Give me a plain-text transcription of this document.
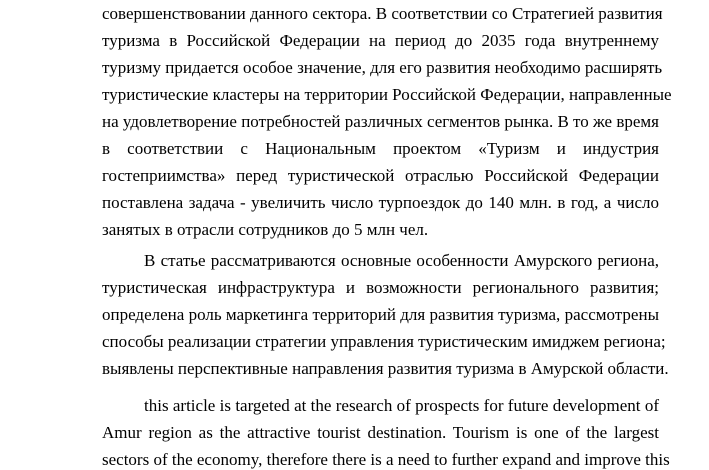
совершенствовании данного сектора. В соответствии со Стратегией развития
туризма в Российской Федерации на период до 2035 года внутреннему
туризму придается особое значение, для его развития необходимо расширять
туристические кластеры на территории Российской Федерации, направленные
на удовлетворение потребностей различных сегментов рынка. В то же время
в соответствии с Национальным проектом «Туризм и индустрия
гостеприимства» перед туристической отраслью Российской Федерации
поставлена задача - увеличить число турпоездок до 140 млн. в год, а число
занятых в отрасли сотрудников до 5 млн чел.
В статье рассматриваются основные особенности Амурского региона,
туристическая инфраструктура и возможности регионального развития;
определена роль маркетинга территорий для развития туризма, рассмотрены
способы реализации стратегии управления туристическим имиджем региона;
выявлены перспективные направления развития туризма в Амурской области.
this article is targeted at the research of prospects for future development of
Amur region as the attractive tourist destination. Tourism is one of the largest
sectors of the economy, therefore there is a need to further expand and improve this
